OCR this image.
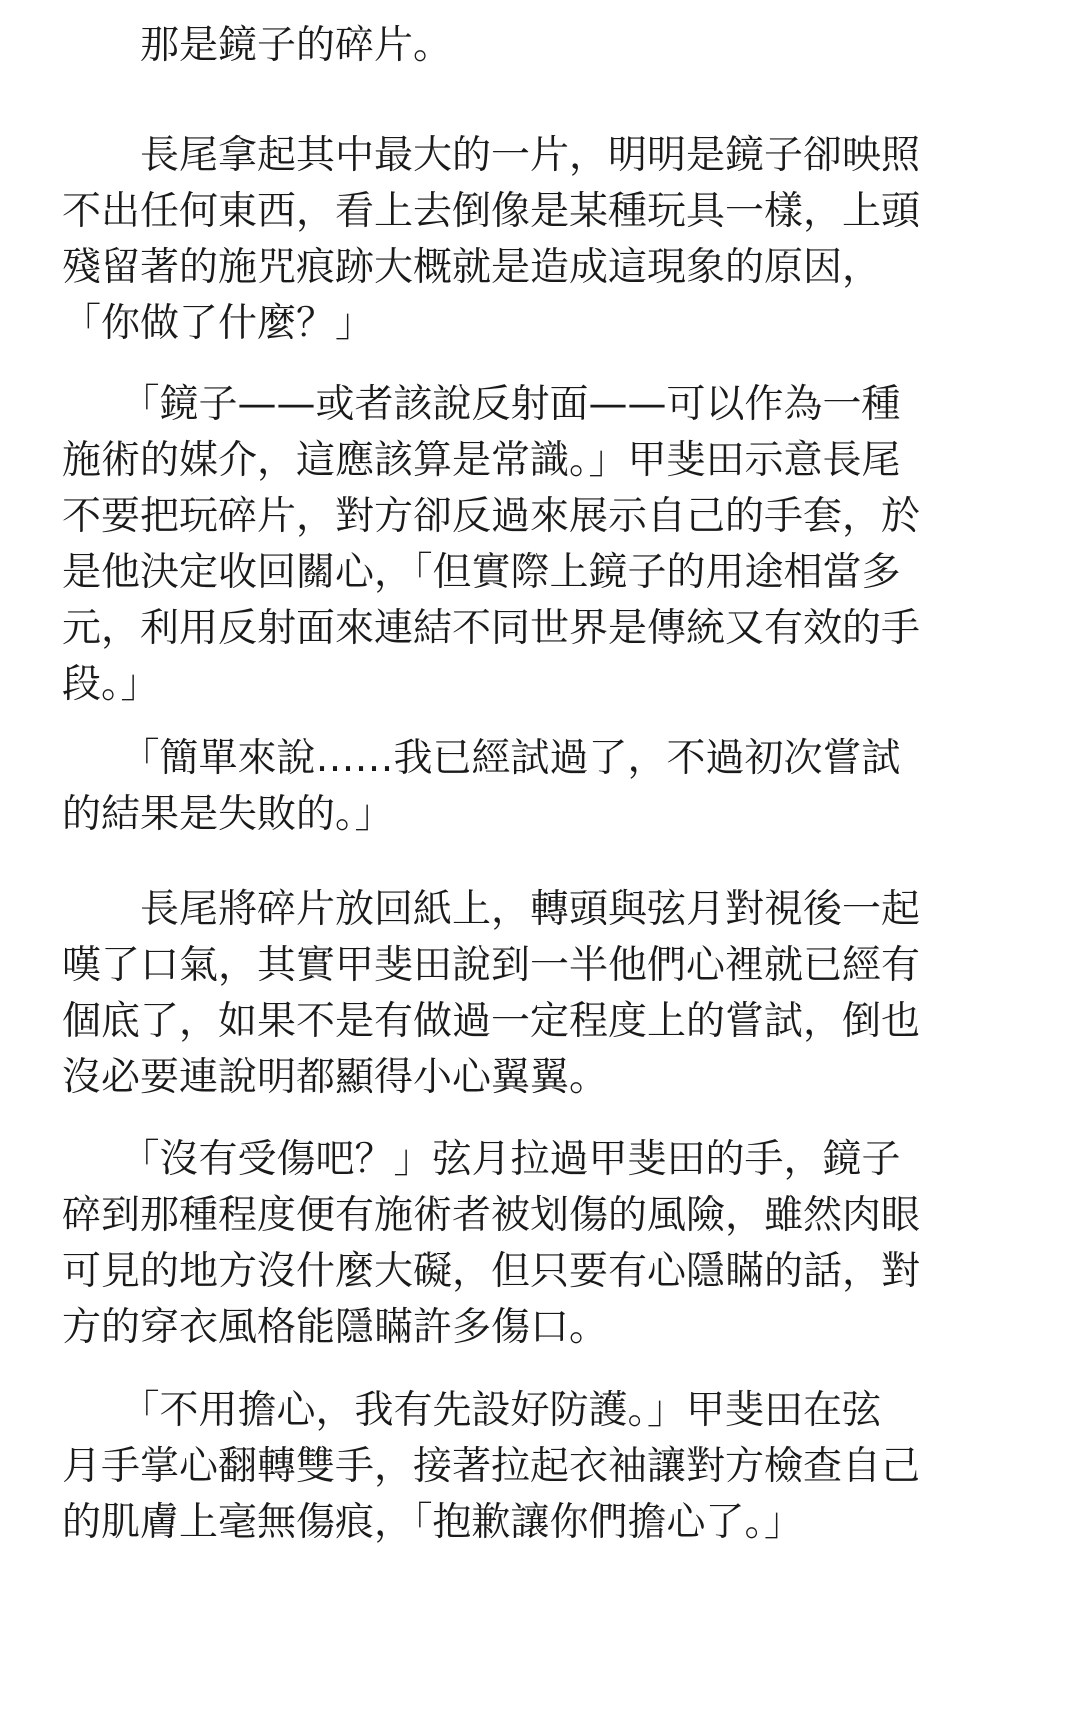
　　那是鏡子的碎片。

　　長尾拿起其中最大的一片，明明是鏡子卻映照
不出任何東西，看上去倒像是某種玩具一樣，上頭
殘留著的施咒痕跡大概就是造成這現象的原因，
「你做了什麼？」

　　「鏡子——或者該說反射面——可以作為一種
施術的媒介，這應該算是常識。」甲斐田示意長尾
不要把玩碎片，對方卻反過來展示自己的手套，於
是他決定收回關心，「但實際上鏡子的用途相當多
元，利用反射面來連結不同世界是傳統又有效的手
段。」

　　「簡單來說……我已經試過了，不過初次嘗試
的結果是失敗的。」

　　長尾將碎片放回紙上，轉頭與弦月對視後一起
嘆了口氣，其實甲斐田說到一半他們心裡就已經有
個底了，如果不是有做過一定程度上的嘗試，倒也
沒必要連說明都顯得小心翼翼。

　　「沒有受傷吧？」弦月拉過甲斐田的手，鏡子
碎到那種程度便有施術者被划傷的風險，雖然肉眼
可見的地方沒什麼大礙，但只要有心隱瞞的話，對
方的穿衣風格能隱瞞許多傷口。

　　「不用擔心，我有先設好防護。」甲斐田在弦
月手掌心翻轉雙手，接著拉起衣袖讓對方檢查自己
的肌膚上毫無傷痕，「抱歉讓你們擔心了。」
